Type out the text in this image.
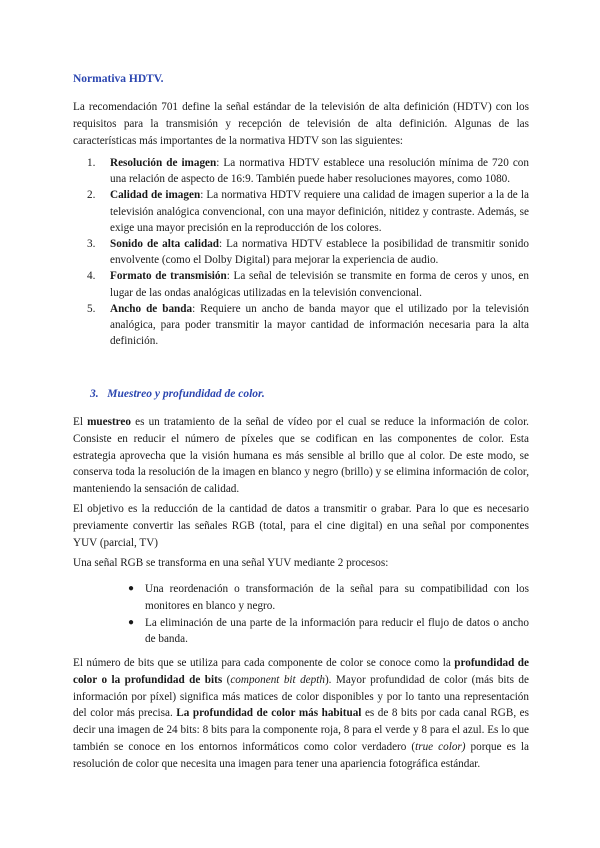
Normativa HDTV.

La recomendación 701 define la señal estándar de la televisión de alta definición (HDTV) con los requisitos para la transmisión y recepción de televisión de alta definición. Algunas de las características más importantes de la normativa HDTV son las siguientes:

1. Resolución de imagen: La normativa HDTV establece una resolución mínima de 720 con una relación de aspecto de 16:9. También puede haber resoluciones mayores, como 1080.
2. Calidad de imagen: La normativa HDTV requiere una calidad de imagen superior a la de la televisión analógica convencional, con una mayor definición, nitidez y contraste. Además, se exige una mayor precisión en la reproducción de los colores.
3. Sonido de alta calidad: La normativa HDTV establece la posibilidad de transmitir sonido envolvente (como el Dolby Digital) para mejorar la experiencia de audio.
4. Formato de transmisión: La señal de televisión se transmite en forma de ceros y unos, en lugar de las ondas analógicas utilizadas en la televisión convencional.
5. Ancho de banda: Requiere un ancho de banda mayor que el utilizado por la televisión analógica, para poder transmitir la mayor cantidad de información necesaria para la alta definición.
3. Muestreo y profundidad de color.

El muestreo es un tratamiento de la señal de vídeo por el cual se reduce la información de color. Consiste en reducir el número de píxeles que se codifican en las componentes de color. Esta estrategia aprovecha que la visión humana es más sensible al brillo que al color. De este modo, se conserva toda la resolución de la imagen en blanco y negro (brillo) y se elimina información de color, manteniendo la sensación de calidad.

El objetivo es la reducción de la cantidad de datos a transmitir o grabar. Para lo que es necesario previamente convertir las señales RGB (total, para el cine digital) en una señal por componentes YUV (parcial, TV)

Una señal RGB se transforma en una señal YUV mediante 2 procesos:

● Una reordenación o transformación de la señal para su compatibilidad con los monitores en blanco y negro.
● La eliminación de una parte de la información para reducir el flujo de datos o ancho de banda.

El número de bits que se utiliza para cada componente de color se conoce como la profundidad de color o la profundidad de bits (component bit depth). Mayor profundidad de color (más bits de información por píxel) significa más matices de color disponibles y por lo tanto una representación del color más precisa. La profundidad de color más habitual es de 8 bits por cada canal RGB, es decir una imagen de 24 bits: 8 bits para la componente roja, 8 para el verde y 8 para el azul. Es lo que también se conoce en los entornos informáticos como color verdadero (true color) porque es la resolución de color que necesita una imagen para tener una apariencia fotográfica estándar.
